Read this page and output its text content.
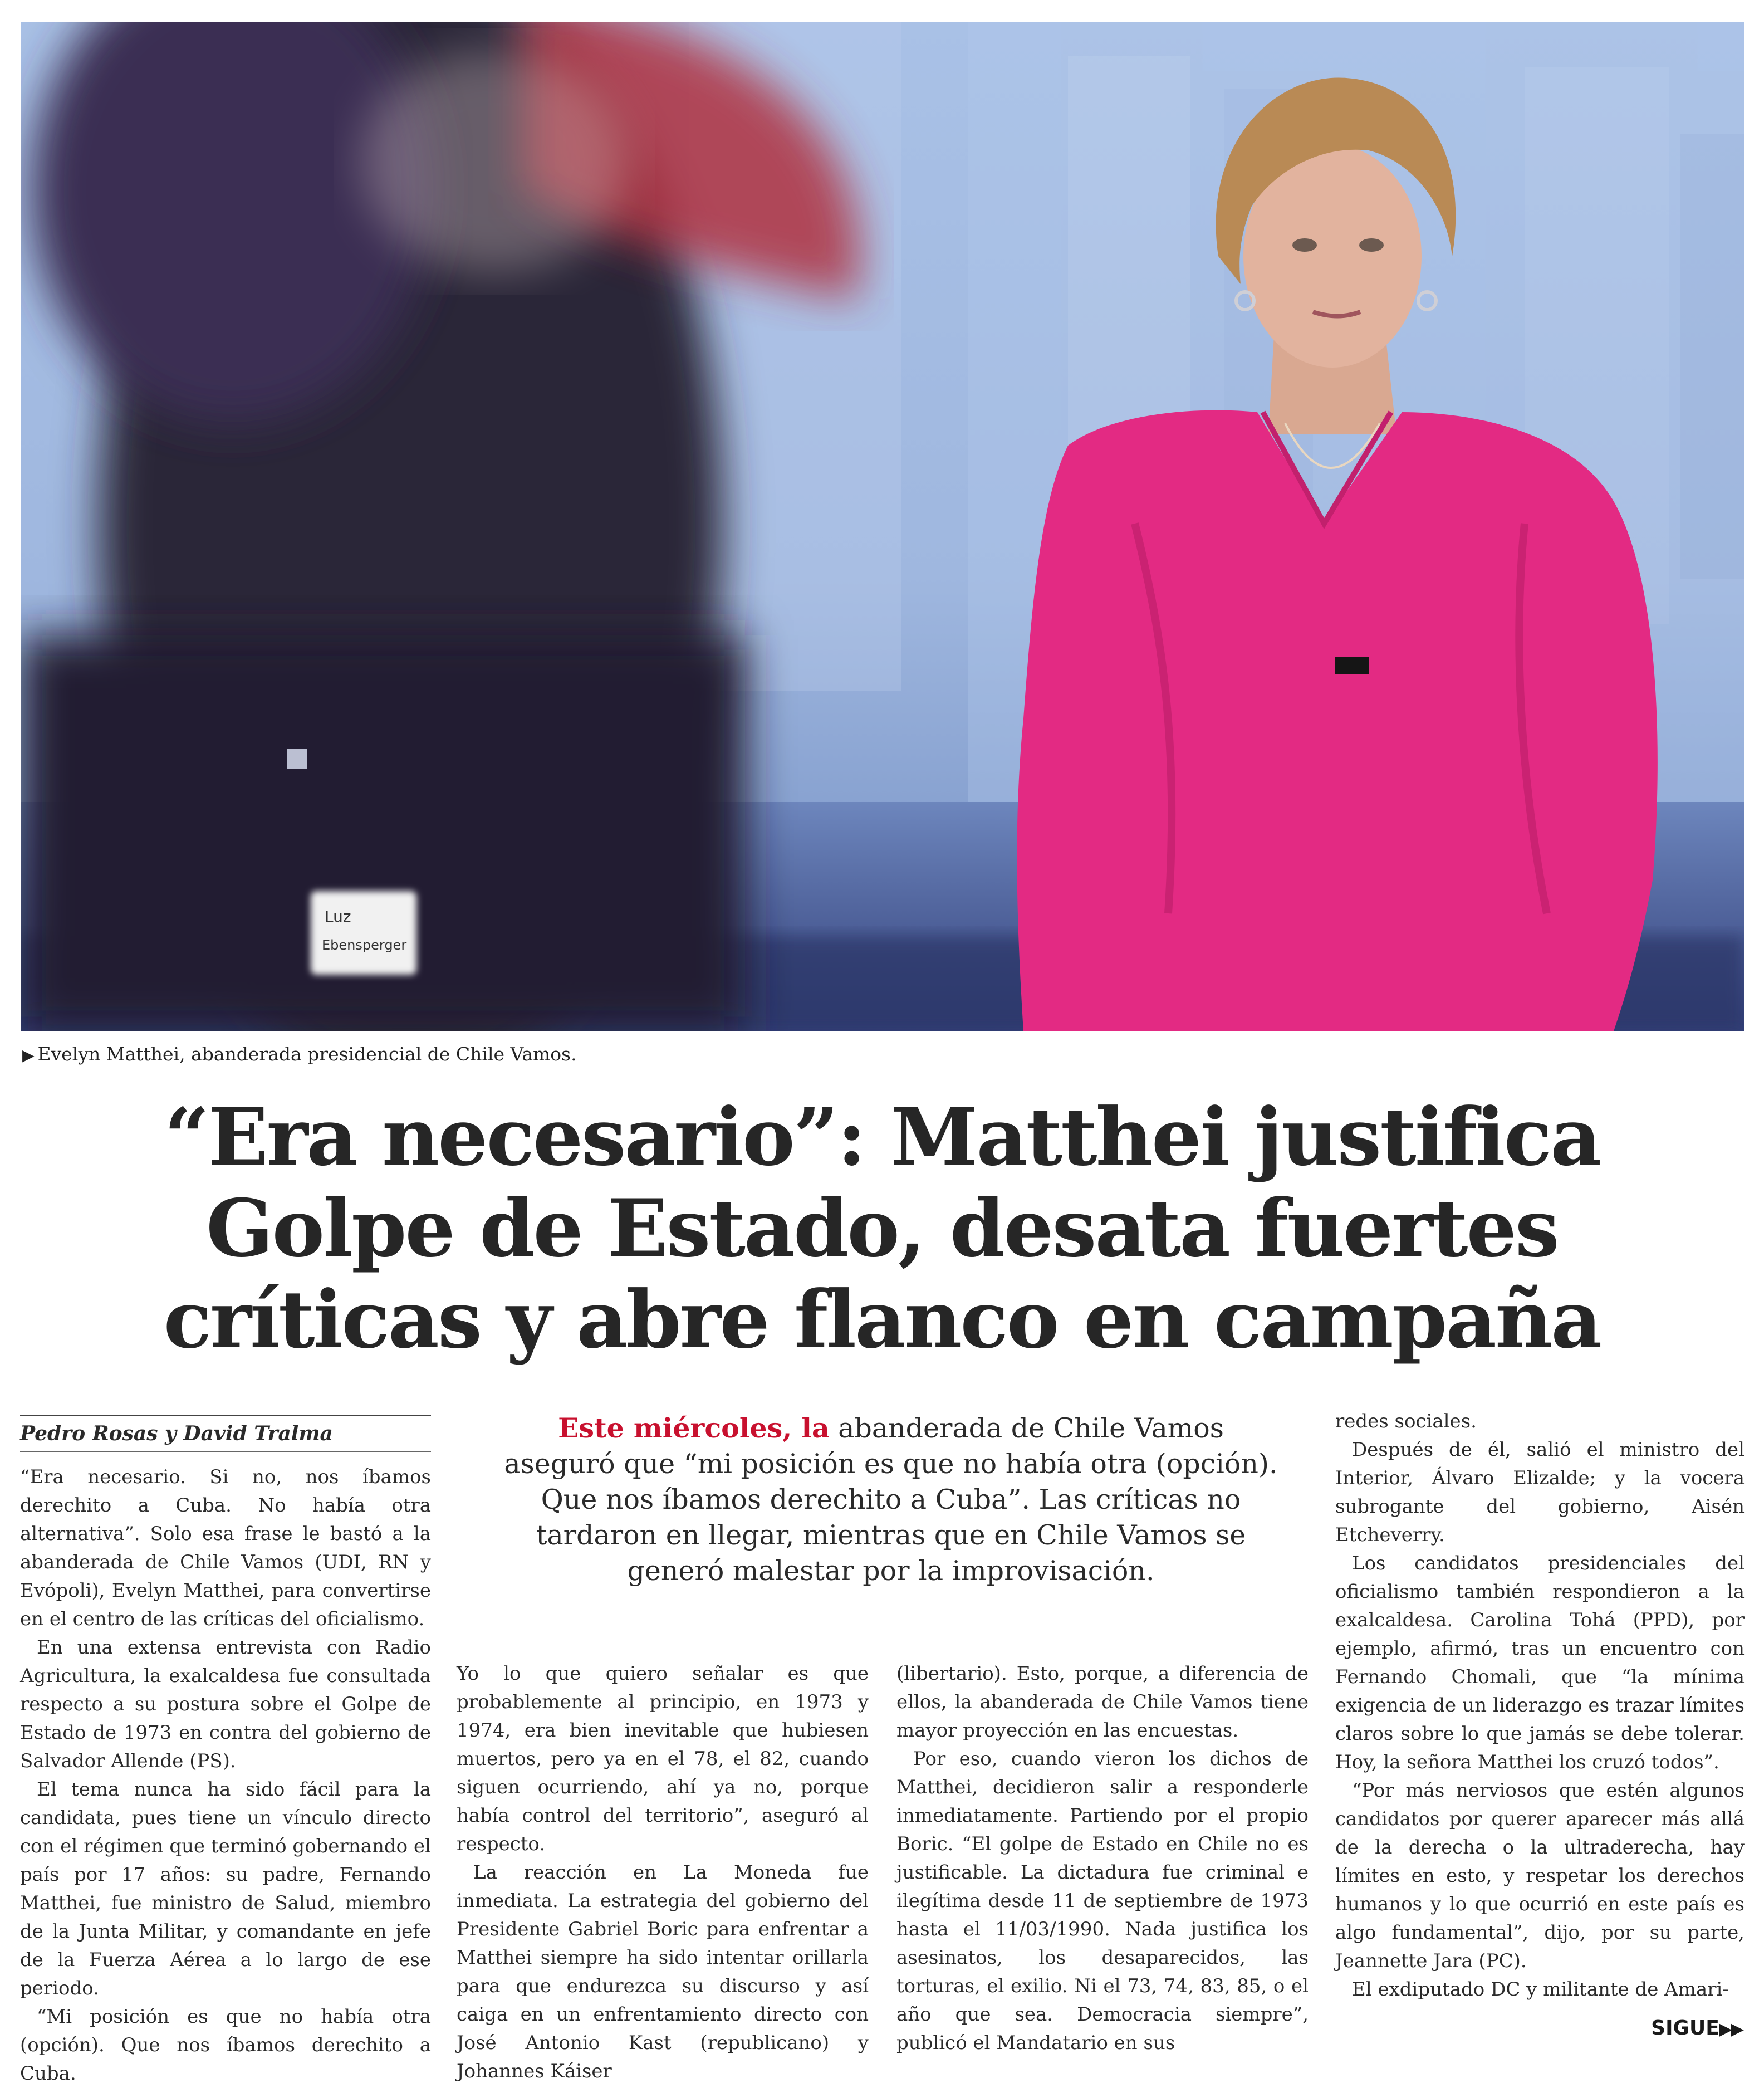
Luz
Ebensperger
▶ Evelyn Matthei, abanderada presidencial de Chile Vamos.
“Era necesario”: Matthei justifica
Golpe de Estado, desata fuertes
críticas y abre flanco en campaña
Pedro Rosas y David Tralma	Este miércoles, la abanderada de Chile Vamos aseguró que “mi posición es que no había otra (opción). Que nos íbamos derechito a Cuba”. Las críticas no tardaron en llegar, mientras que en Chile Vamos se generó malestar por la improvisación.

“Era necesario. Si no, nos íbamos derechito a Cuba. No había otra alternativa”. Solo esa frase le bastó a la abanderada de Chile Vamos (UDI, RN y Evópoli), Evelyn Matthei, para convertirse en el centro de las críticas del oficialismo.

En una extensa entrevista con Radio Agricultura, la exalcaldesa fue consultada respecto a su postura sobre el Golpe de Estado de 1973 en contra del gobierno de Salvador Allende (PS).

El tema nunca ha sido fácil para la candidata, pues tiene un vínculo directo con el régimen que terminó gobernando el país por 17 años: su padre, Fernando Matthei, fue ministro de Salud, miembro de la Junta Militar, y comandante en jefe de la Fuerza Aérea a lo largo de ese periodo.

“Mi posición es que no había otra (opción). Que nos íbamos derechito a Cuba.

Yo lo que quiero señalar es que probablemente al principio, en 1973 y 1974, era bien inevitable que hubiesen muertos, pero ya en el 78, el 82, cuando siguen ocurriendo, ahí ya no, porque había control del territorio”, aseguró al respecto.

La reacción en La Moneda fue inmediata. La estrategia del gobierno del Presidente Gabriel Boric para enfrentar a Matthei siempre ha sido intentar orillarla para que endurezca su discurso y así caiga en un enfrentamiento directo con José Antonio Kast (republicano) y Johannes Káiser

(libertario). Esto, porque, a diferencia de ellos, la abanderada de Chile Vamos tiene mayor proyección en las encuestas.

Por eso, cuando vieron los dichos de Matthei, decidieron salir a responderle inmediatamente. Partiendo por el propio Boric. “El golpe de Estado en Chile no es justificable. La dictadura fue criminal e ilegítima desde 11 de septiembre de 1973 hasta el 11/03/1990. Nada justifica los asesinatos, los desaparecidos, las torturas, el exilio. Ni el 73, 74, 83, 85, o el año que sea. Democracia siempre”, publicó el Mandatario en sus

redes sociales.

Después de él, salió el ministro del Interior, Álvaro Elizalde; y la vocera subrogante del gobierno, Aisén Etcheverry.

Los candidatos presidenciales del oficialismo también respondieron a la exalcaldesa. Carolina Tohá (PPD), por ejemplo, afirmó, tras un encuentro con Fernando Chomali, que “la mínima exigencia de un liderazgo es trazar límites claros sobre lo que jamás se debe tolerar. Hoy, la señora Matthei los cruzó todos”.

“Por más nerviosos que estén algunos candidatos por querer aparecer más allá de la derecha o la ultraderecha, hay límites en esto, y respetar los derechos humanos y lo que ocurrió en este país es algo fundamental”, dijo, por su parte, Jeannette Jara (PC).

El exdiputado DC y militante de Amari-

SIGUE▶▶
